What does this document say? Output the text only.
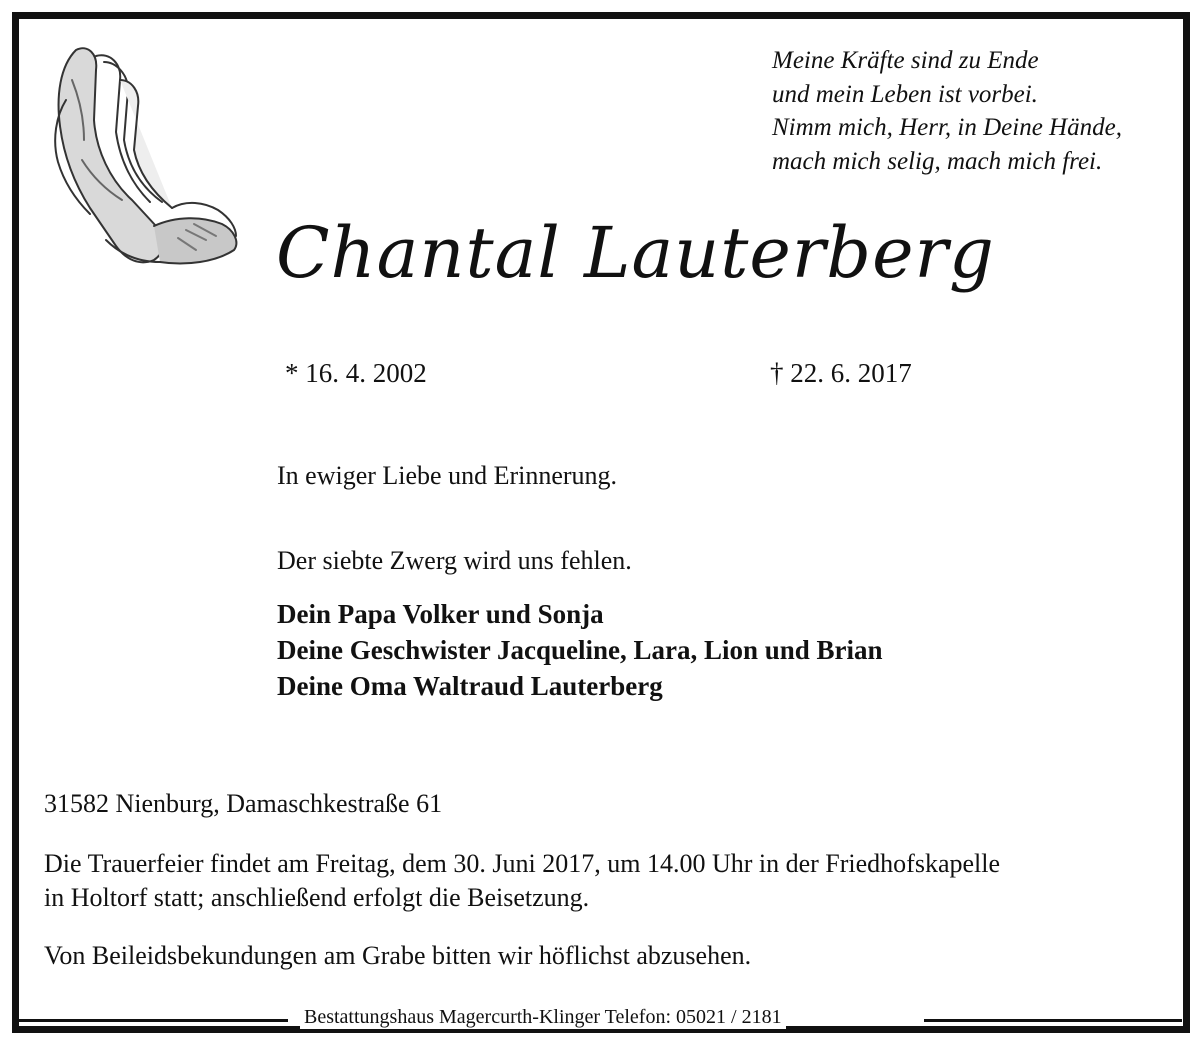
Meine Kräfte sind zu Ende
und mein Leben ist vorbei.
Nimm mich, Herr, in Deine Hände,
mach mich selig, mach mich frei.
Chantal Lauterberg
* 16. 4. 2002	† 22. 6. 2017
In ewiger Liebe und Erinnerung.
Der siebte Zwerg wird uns fehlen.
Dein Papa Volker und Sonja
Deine Geschwister Jacqueline, Lara, Lion und Brian
Deine Oma Waltraud Lauterberg
31582 Nienburg, Damaschkestraße 61
Die Trauerfeier findet am Freitag, dem 30. Juni 2017, um 14.00 Uhr in der Friedhofskapelle
in Holtorf statt; anschließend erfolgt die Beisetzung.
Von Beileidsbekundungen am Grabe bitten wir höflichst abzusehen.
Bestattungshaus Magercurth-Klinger Telefon: 05021 / 2181
